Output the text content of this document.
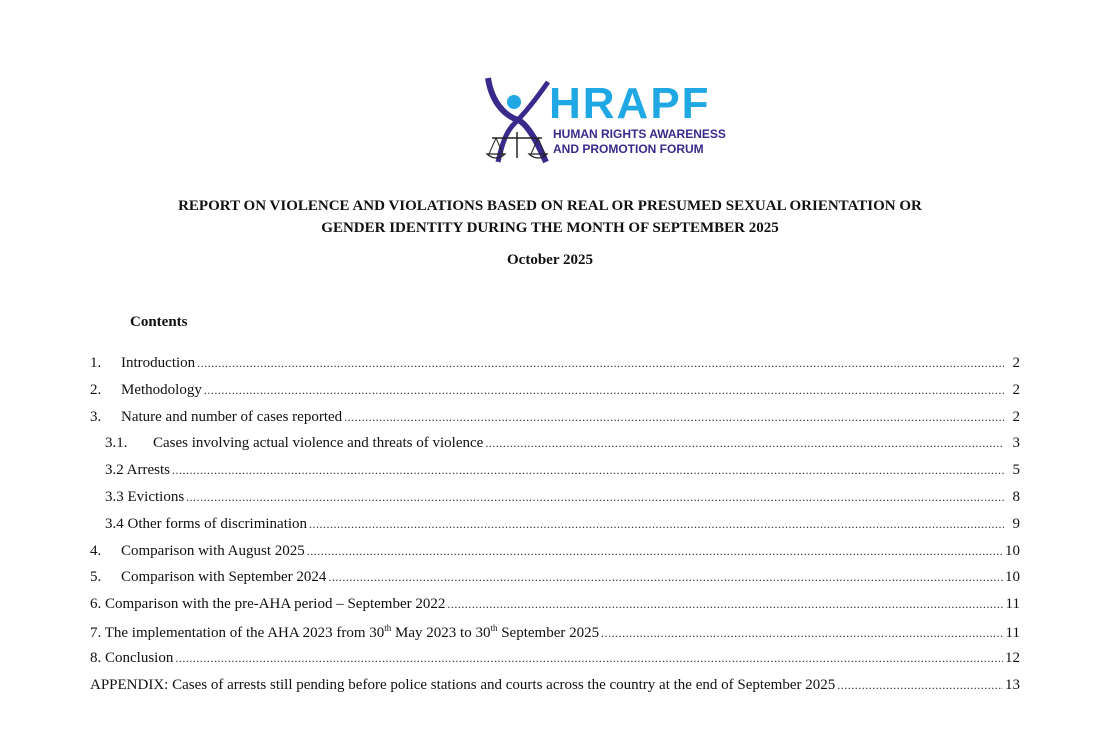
HRAPF
HUMAN RIGHTS AWARENESS
AND PROMOTION FORUM
REPORT ON VIOLENCE AND VIOLATIONS BASED ON REAL OR PRESUMED SEXUAL ORIENTATION OR
GENDER IDENTITY DURING THE MONTH OF SEPTEMBER 2025
October 2025
Contents
1.	Introduction .....	2
2.	Methodology .....	2
3.	Nature and number of cases reported .....	2
3.1.	Cases involving actual violence and threats of violence .....	3
3.2 Arrests .....	5
3.3 Evictions .....	8
3.4 Other forms of discrimination .....	9
4.	Comparison with August 2025 .....	10
5.	Comparison with September 2024 .....	10
6. Comparison with the pre-AHA period – September 2022 .....	11
7. The implementation of the AHA 2023 from 30th May 2023 to 30th September 2025 .....	11
8. Conclusion .....	12
APPENDIX: Cases of arrests still pending before police stations and courts across the country at the end of September 2025 .....	13
